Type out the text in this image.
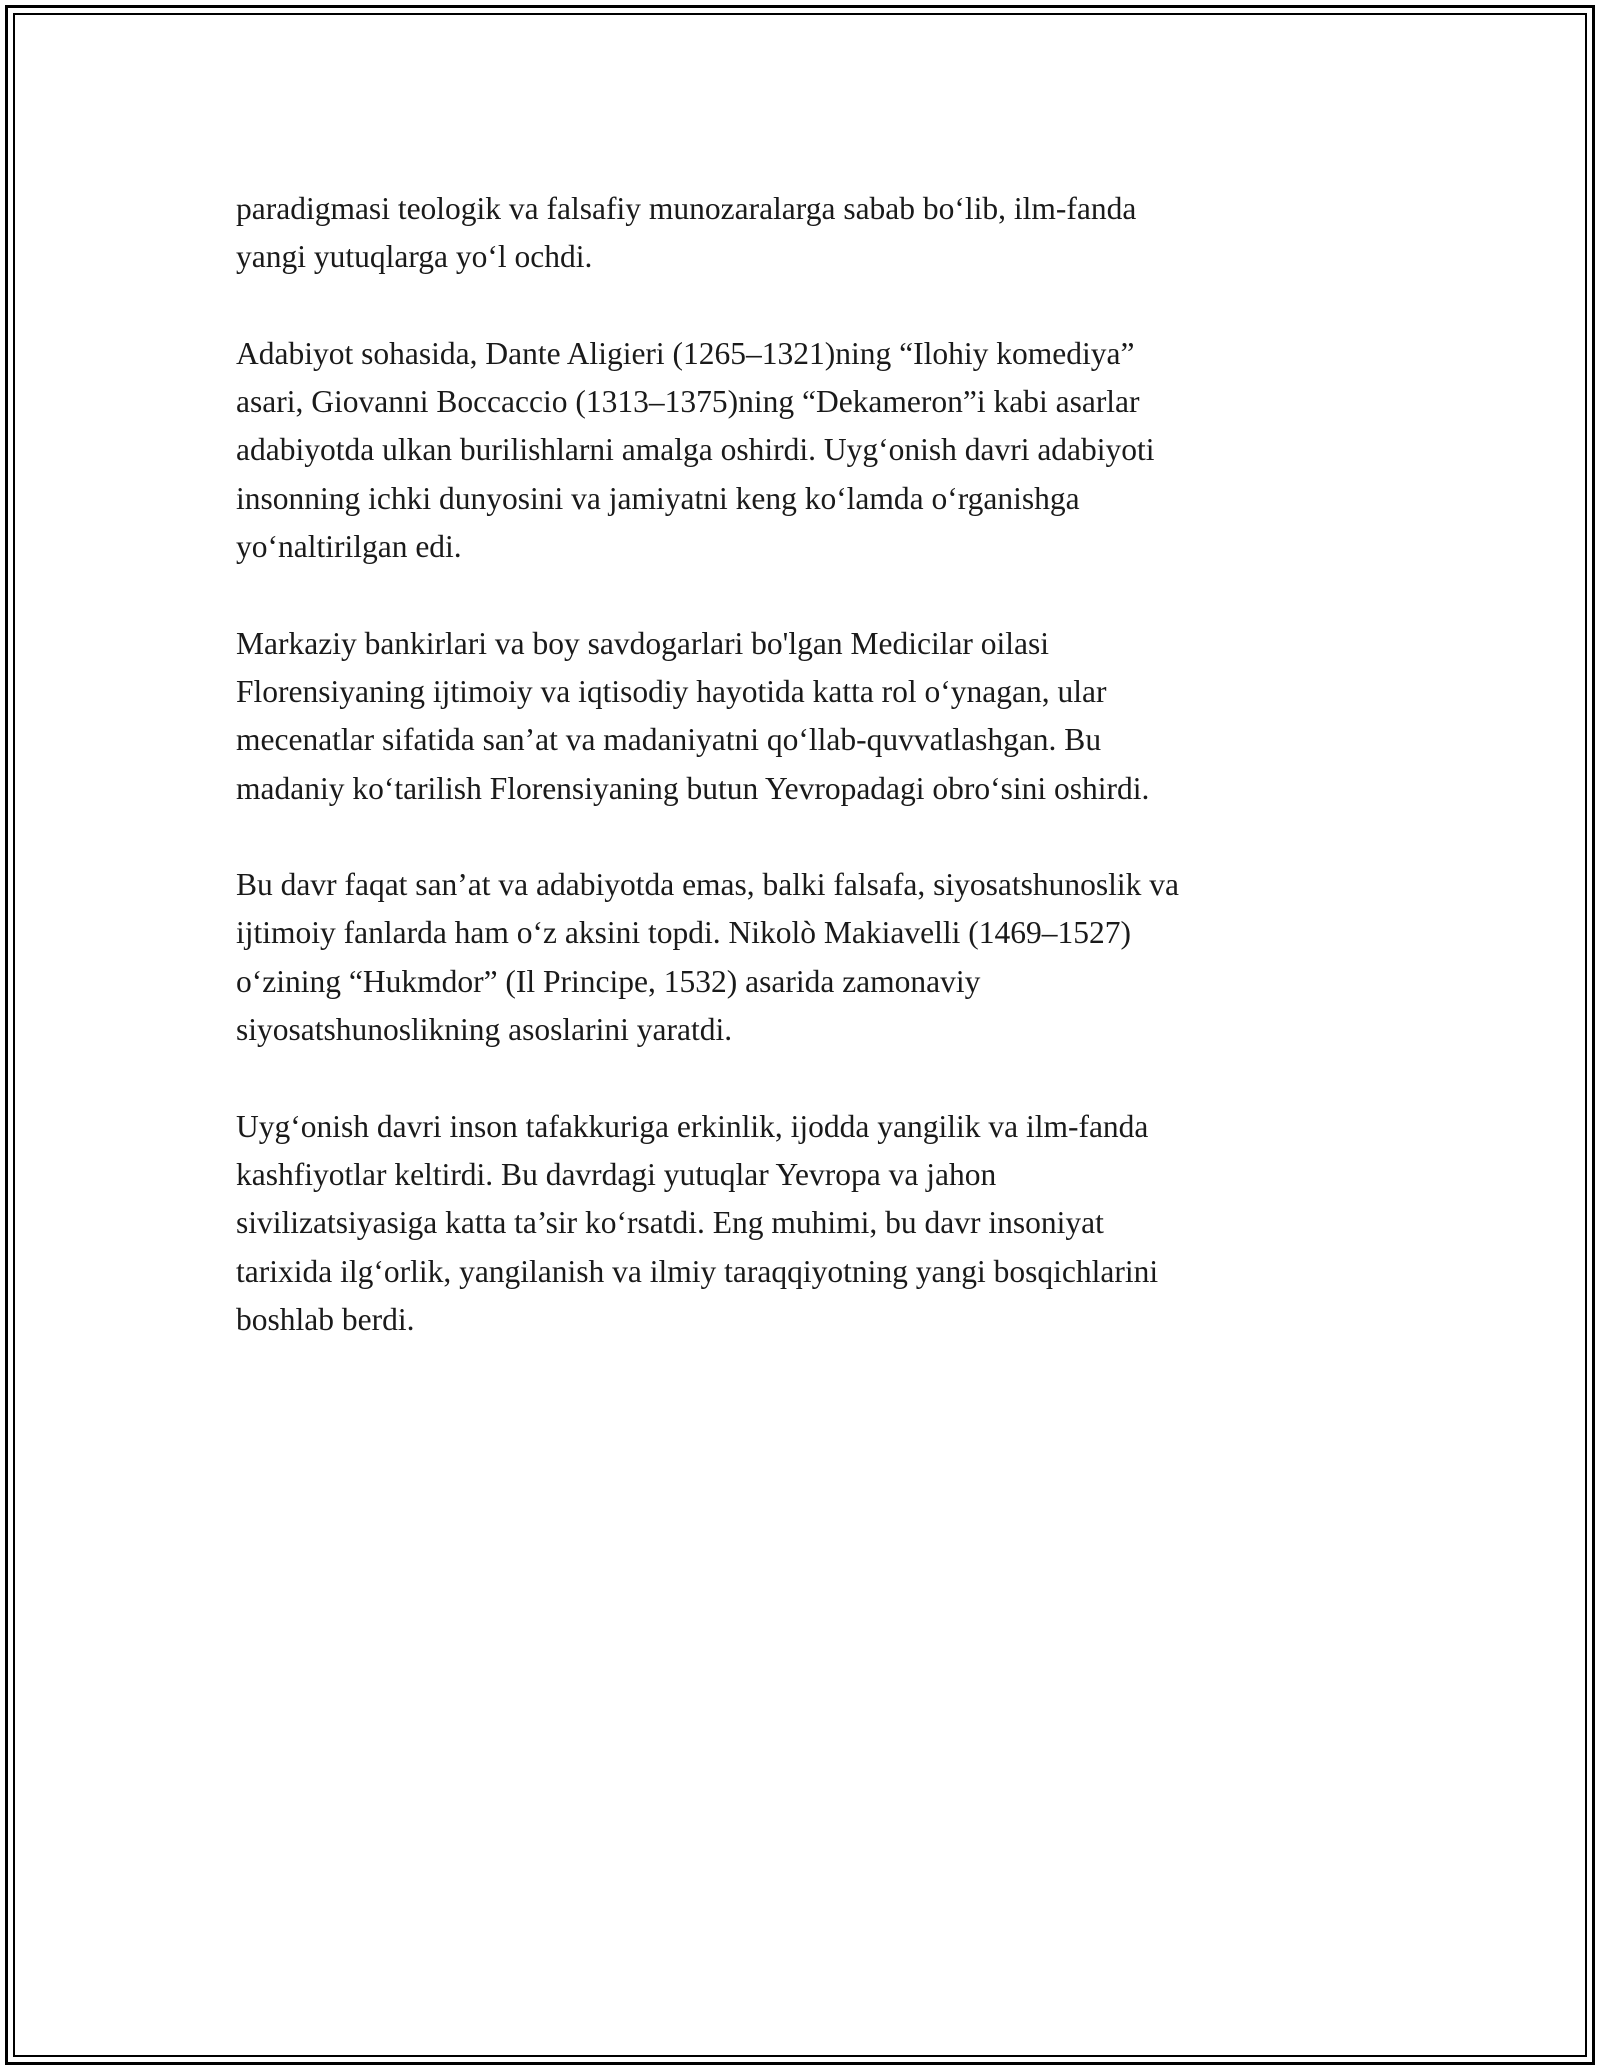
paradigmasi teologik va falsafiy munozaralarga sabab bo‘lib, ilm-fanda
yangi yutuqlarga yo‘l ochdi.

Adabiyot sohasida, Dante Aligieri (1265–1321)ning “Ilohiy komediya”
asari, Giovanni Boccaccio (1313–1375)ning “Dekameron”i kabi asarlar
adabiyotda ulkan burilishlarni amalga oshirdi. Uyg‘onish davri adabiyoti
insonning ichki dunyosini va jamiyatni keng ko‘lamda o‘rganishga
yo‘naltirilgan edi.

Markaziy bankirlari va boy savdogarlari bo'lgan Medicilar oilasi
Florensiyaning ijtimoiy va iqtisodiy hayotida katta rol o‘ynagan, ular
mecenatlar sifatida san’at va madaniyatni qo‘llab-quvvatlashgan. Bu
madaniy ko‘tarilish Florensiyaning butun Yevropadagi obro‘sini oshirdi.

Bu davr faqat san’at va adabiyotda emas, balki falsafa, siyosatshunoslik va
ijtimoiy fanlarda ham o‘z aksini topdi. Nikolò Makiavelli (1469–1527)
o‘zining “Hukmdor” (Il Principe, 1532) asarida zamonaviy
siyosatshunoslikning asoslarini yaratdi.

Uyg‘onish davri inson tafakkuriga erkinlik, ijodda yangilik va ilm-fanda
kashfiyotlar keltirdi. Bu davrdagi yutuqlar Yevropa va jahon
sivilizatsiyasiga katta ta’sir ko‘rsatdi. Eng muhimi, bu davr insoniyat
tarixida ilg‘orlik, yangilanish va ilmiy taraqqiyotning yangi bosqichlarini
boshlab berdi.
